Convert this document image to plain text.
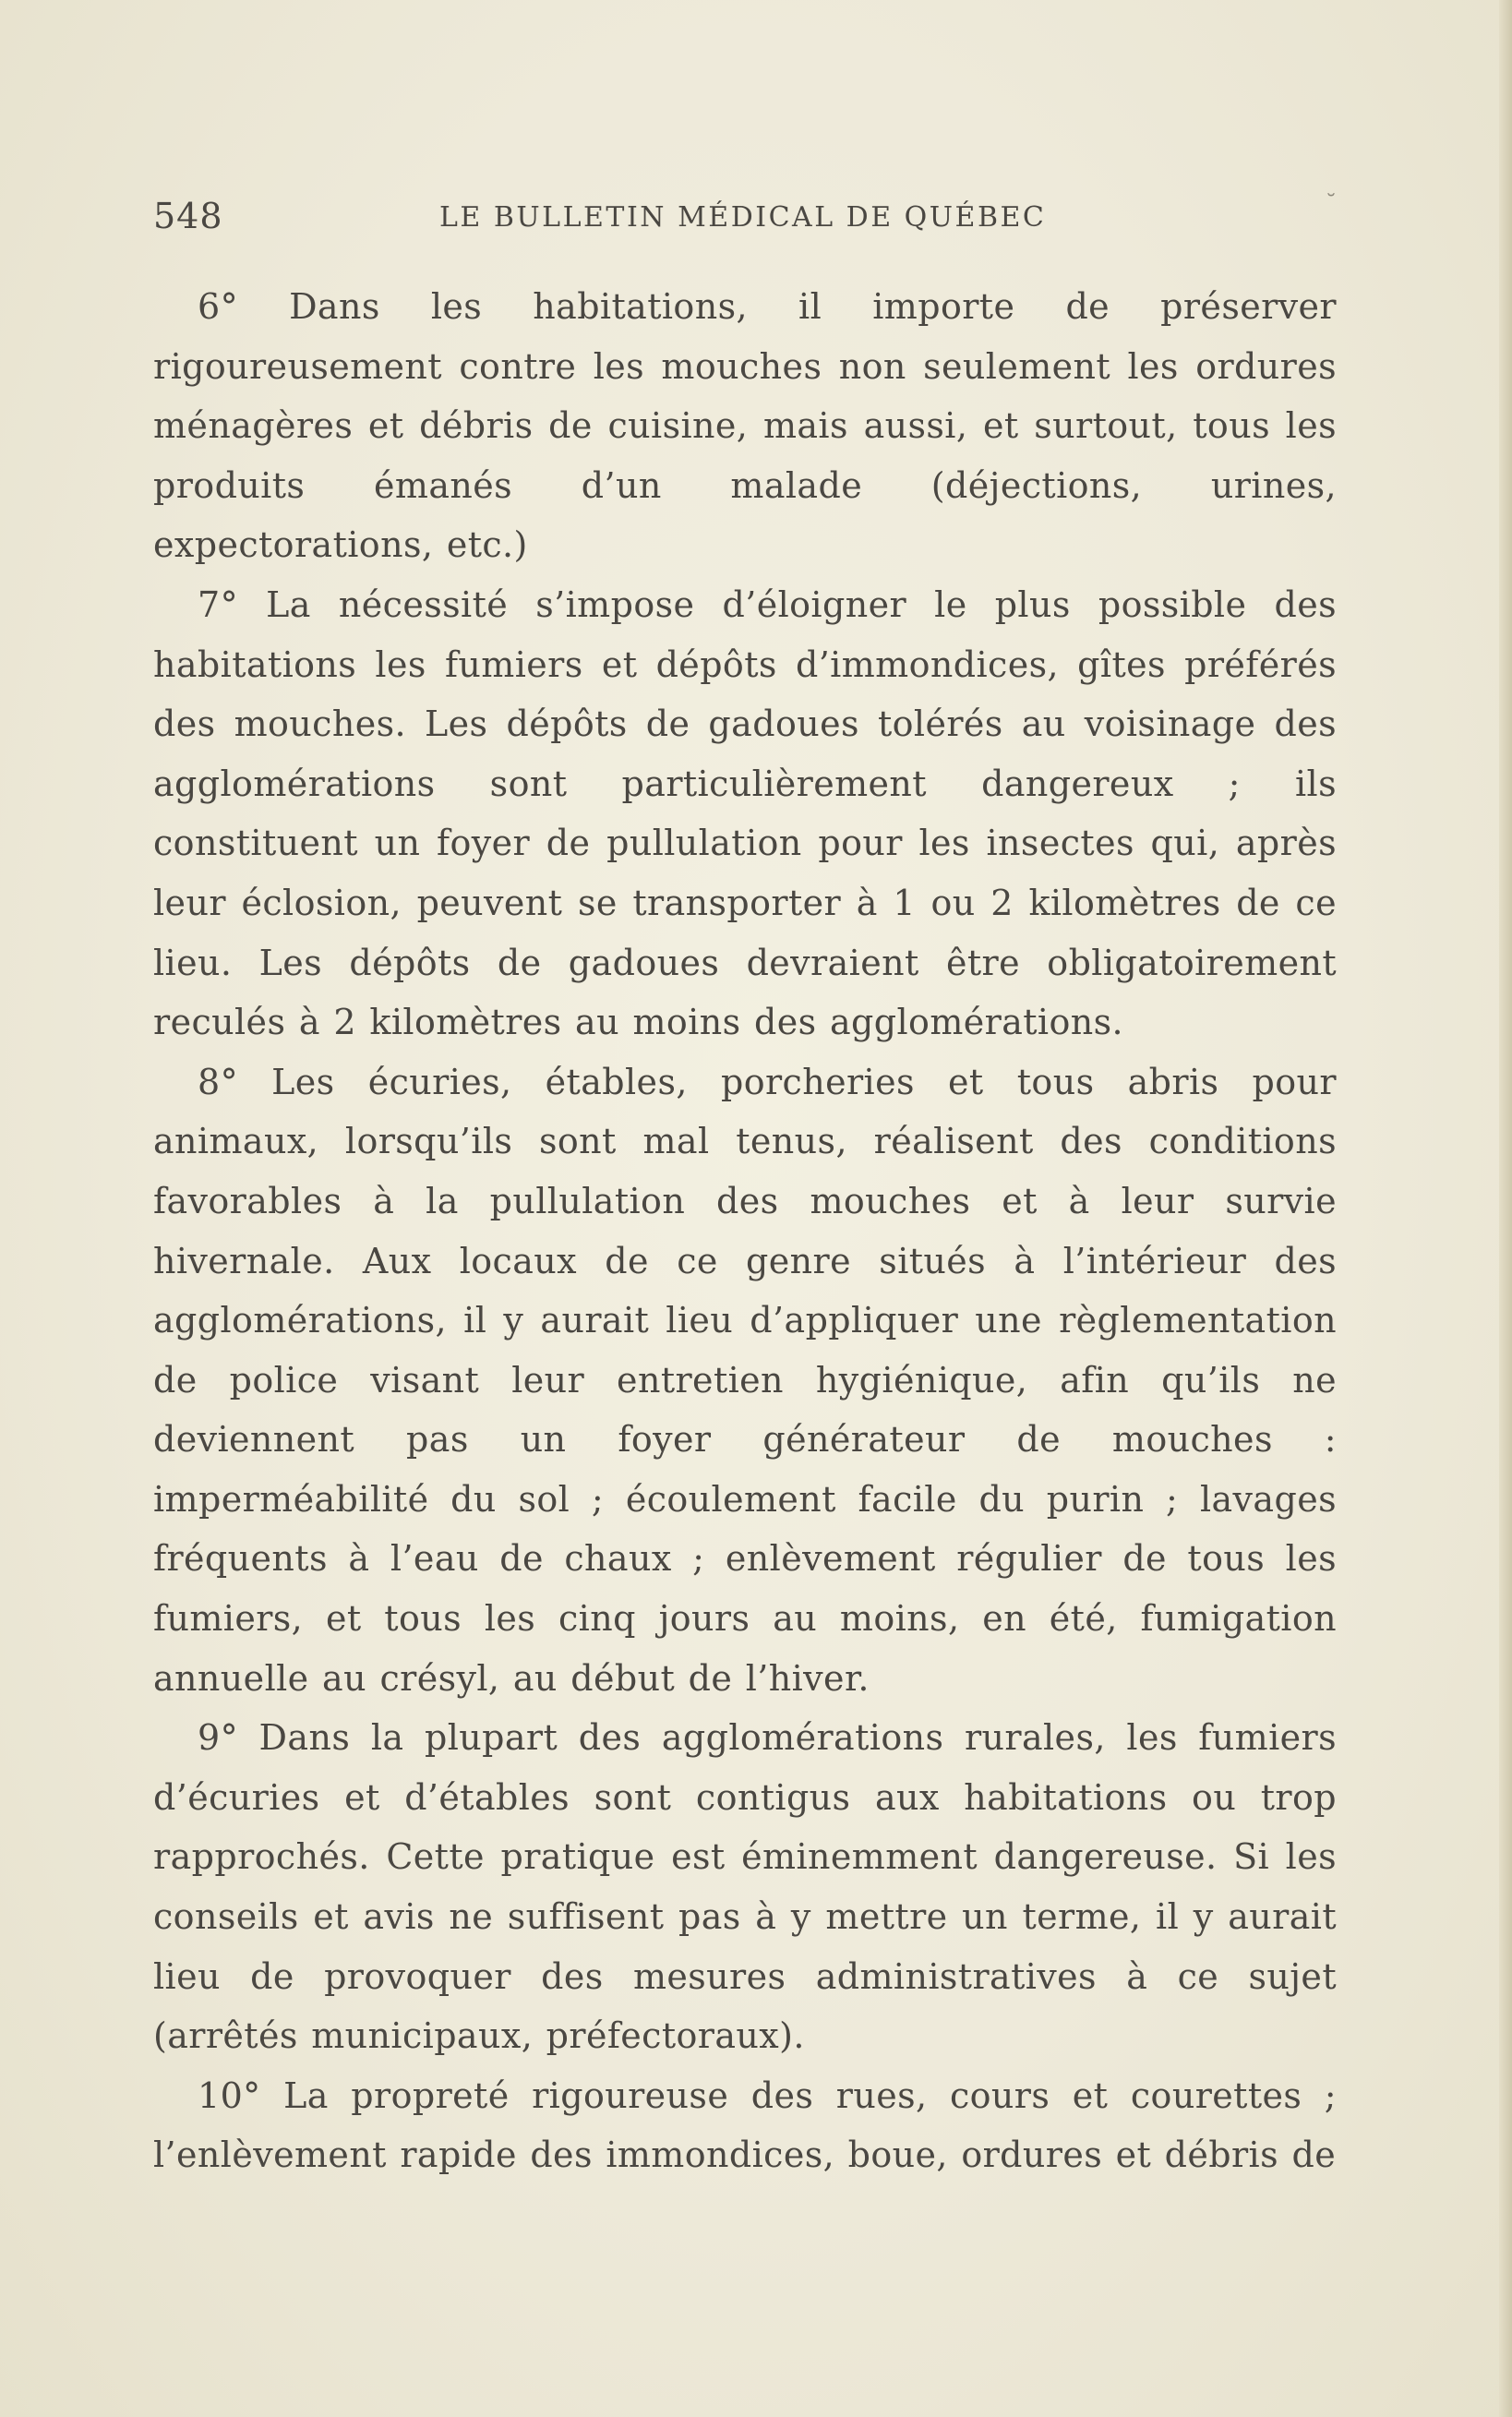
548	LE BULLETIN MÉDICAL DE QUÉBEC	˘

6° Dans les habitations, il importe de préserver rigoureusement contre les mouches non seulement les ordures ménagères et débris de cuisine, mais aussi, et surtout, tous les produits émanés d’un malade (déjections, urines, expectorations, etc.)

7° La nécessité s’impose d’éloigner le plus possible des habitations les fumiers et dépôts d’immondices, gîtes préférés des mouches. Les dépôts de gadoues tolérés au voisinage des agglomérations sont particulièrement dangereux ; ils constituent un foyer de pullulation pour les insectes qui, après leur éclosion, peuvent se transporter à 1 ou 2 kilomètres de ce lieu. Les dépôts de gadoues devraient être obligatoirement reculés à 2 kilomètres au moins des agglomérations.

8° Les écuries, étables, porcheries et tous abris pour animaux, lorsqu’ils sont mal tenus, réalisent des conditions favorables à la pullulation des mouches et à leur survie hivernale. Aux locaux de ce genre situés à l’intérieur des agglomérations, il y aurait lieu d’appliquer une règlementation de police visant leur entretien hygiénique, afin qu’ils ne deviennent pas un foyer générateur de mouches : imperméabilité du sol ; écoulement facile du purin ; lavages fréquents à l’eau de chaux ; enlèvement régulier de tous les fumiers, et tous les cinq jours au moins, en été, fumigation annuelle au crésyl, au début de l’hiver.

9° Dans la plupart des agglomérations rurales, les fumiers d’écuries et d’étables sont contigus aux habitations ou trop rapprochés. Cette pratique est éminemment dangereuse. Si les conseils et avis ne suffisent pas à y mettre un terme, il y aurait lieu de provoquer des mesures administratives à ce sujet (arrêtés municipaux, préfectoraux).

10° La propreté rigoureuse des rues, cours et courettes ; l’enlèvement rapide des immondices, boue, ordures et débris de
